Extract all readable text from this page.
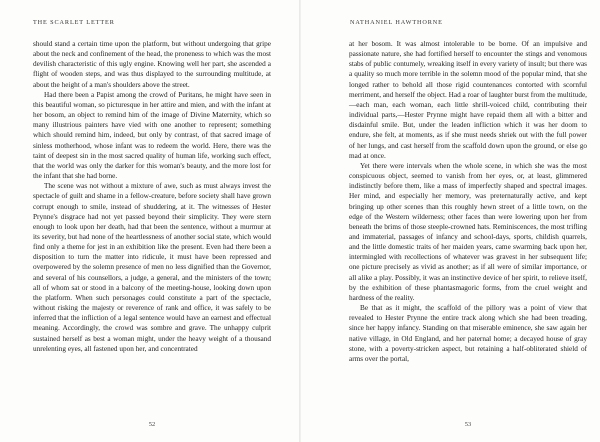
THE SCARLET LETTER

should stand a certain time upon the platform, but without undergoing that gripe about the neck and confinement of the head, the proneness to which was the most devilish characteristic of this ugly engine. Knowing well her part, she ascended a flight of wooden steps, and was thus displayed to the surrounding multitude, at about the height of a man's shoulders above the street.

Had there been a Papist among the crowd of Puritans, he might have seen in this beautiful woman, so picturesque in her attire and mien, and with the infant at her bosom, an object to remind him of the image of Divine Maternity, which so many illustrious painters have vied with one another to represent; something which should remind him, indeed, but only by contrast, of that sacred image of sinless motherhood, whose infant was to redeem the world. Here, there was the taint of deepest sin in the most sacred quality of human life, working such effect, that the world was only the darker for this woman's beauty, and the more lost for the infant that she had borne.

The scene was not without a mixture of awe, such as must always invest the spectacle of guilt and shame in a fellow-creature, before society shall have grown corrupt enough to smile, instead of shuddering, at it. The witnesses of Hester Prynne's disgrace had not yet passed beyond their simplicity. They were stern enough to look upon her death, had that been the sentence, without a murmur at its severity, but had none of the heartlessness of another social state, which would find only a theme for jest in an exhibition like the present. Even had there been a disposition to turn the matter into ridicule, it must have been repressed and overpowered by the solemn presence of men no less dignified than the Governor, and several of his counsellors, a judge, a general, and the ministers of the town; all of whom sat or stood in a balcony of the meeting-house, looking down upon the platform. When such personages could constitute a part of the spectacle, without risking the majesty or reverence of rank and office, it was safely to be inferred that the infliction of a legal sentence would have an earnest and effectual meaning. Accordingly, the crowd was sombre and grave. The unhappy culprit sustained herself as best a woman might, under the heavy weight of a thousand unrelenting eyes, all fastened upon her, and concentrated

52
NATHANIEL HAWTHORNE

at her bosom. It was almost intolerable to be borne. Of an impulsive and passionate nature, she had fortified herself to encounter the stings and venomous stabs of public contumely, wreaking itself in every variety of insult; but there was a quality so much more terrible in the solemn mood of the popular mind, that she longed rather to behold all those rigid countenances contorted with scornful merriment, and herself the object. Had a roar of laughter burst from the multitude,—each man, each woman, each little shrill-voiced child, contributing their individual parts,—Hester Prynne might have repaid them all with a bitter and disdainful smile. But, under the leaden infliction which it was her doom to endure, she felt, at moments, as if she must needs shriek out with the full power of her lungs, and cast herself from the scaffold down upon the ground, or else go mad at once.

Yet there were intervals when the whole scene, in which she was the most conspicuous object, seemed to vanish from her eyes, or, at least, glimmered indistinctly before them, like a mass of imperfectly shaped and spectral images. Her mind, and especially her memory, was preternaturally active, and kept bringing up other scenes than this roughly hewn street of a little town, on the edge of the Western wilderness; other faces than were lowering upon her from beneath the brims of those steeple-crowned hats. Reminiscences, the most trifling and immaterial, passages of infancy and school-days, sports, childish quarrels, and the little domestic traits of her maiden years, came swarming back upon her, intermingled with recollections of whatever was gravest in her subsequent life; one picture precisely as vivid as another; as if all were of similar importance, or all alike a play. Possibly, it was an instinctive device of her spirit, to relieve itself, by the exhibition of these phantasmagoric forms, from the cruel weight and hardness of the reality.

Be that as it might, the scaffold of the pillory was a point of view that revealed to Hester Prynne the entire track along which she had been treading, since her happy infancy. Standing on that miserable eminence, she saw again her native village, in Old England, and her paternal home; a decayed house of gray stone, with a poverty-stricken aspect, but retaining a half-obliterated shield of arms over the portal,

53
